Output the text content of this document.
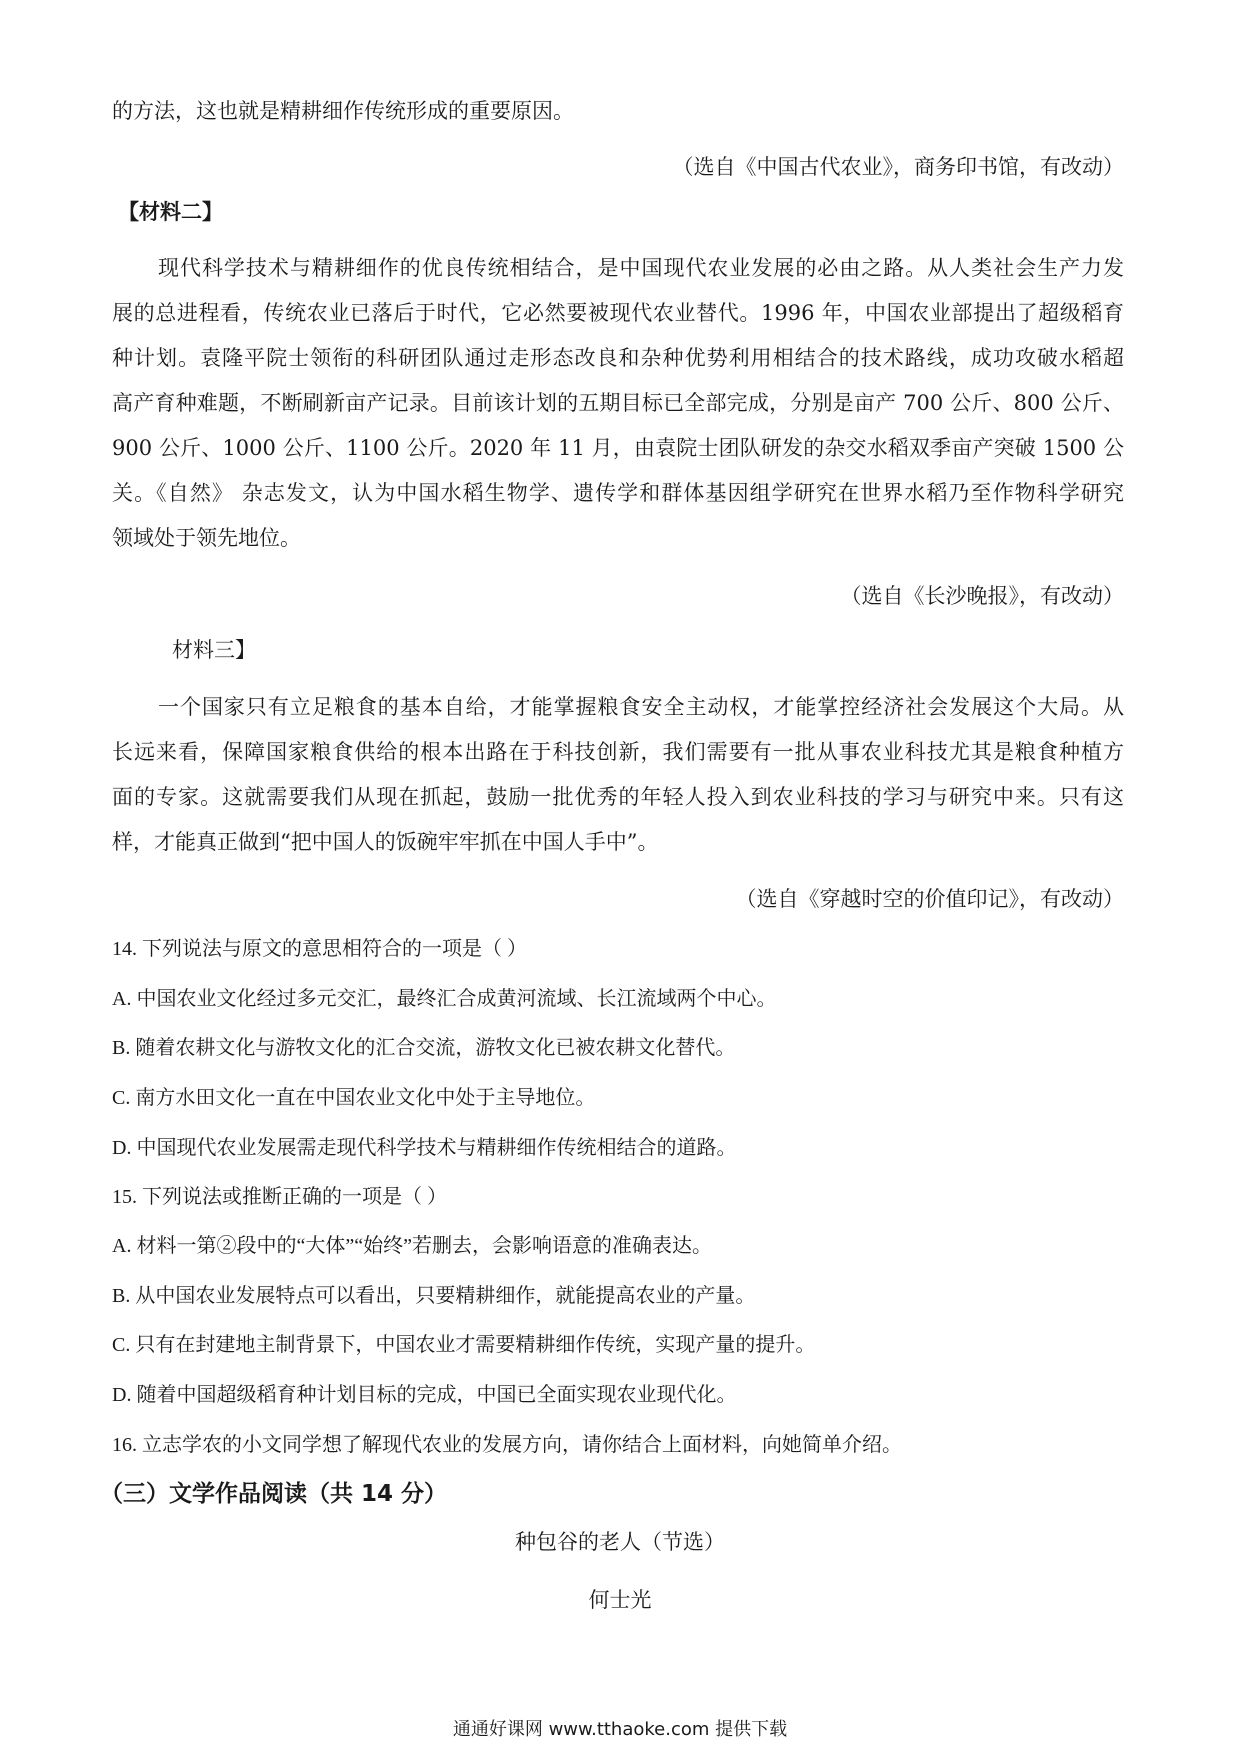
的方法，这也就是精耕细作传统形成的重要原因。
（选自《中国古代农业》，商务印书馆，有改动）
【材料二】
现代科学技术与精耕细作的优良传统相结合，是中国现代农业发展的必由之路。从人类社会生产力发
展的总进程看，传统农业已落后于时代，它必然要被现代农业替代。1996 年，中国农业部提出了超级稻育
种计划。袁隆平院士领衔的科研团队通过走形态改良和杂种优势利用相结合的技术路线，成功攻破水稻超
高产育种难题，不断刷新亩产记录。目前该计划的五期目标已全部完成，分别是亩产 700 公斤、800 公斤、
900 公斤、1000 公斤、1100 公斤。2020 年 11 月，由袁院士团队研发的杂交水稻双季亩产突破 1500 公
关。《自然》 杂志发文，认为中国水稻生物学、遗传学和群体基因组学研究在世界水稻乃至作物科学研究
领域处于领先地位。
（选自《长沙晚报》，有改动）
材料三】
一个国家只有立足粮食的基本自给，才能掌握粮食安全主动权，才能掌控经济社会发展这个大局。从
长远来看，保障国家粮食供给的根本出路在于科技创新，我们需要有一批从事农业科技尤其是粮食种植方
面的专家。这就需要我们从现在抓起，鼓励一批优秀的年轻人投入到农业科技的学习与研究中来。只有这
样，才能真正做到“把中国人的饭碗牢牢抓在中国人手中”。
（选自《穿越时空的价值印记》，有改动）
14. 下列说法与原文的意思相符合的一项是（ ）
A. 中国农业文化经过多元交汇，最终汇合成黄河流域、长江流域两个中心。
B. 随着农耕文化与游牧文化的汇合交流，游牧文化已被农耕文化替代。
C. 南方水田文化一直在中国农业文化中处于主导地位。
D. 中国现代农业发展需走现代科学技术与精耕细作传统相结合的道路。
15. 下列说法或推断正确的一项是（ ）
A. 材料一第②段中的“大体”“始终”若删去，会影响语意的准确表达。
B. 从中国农业发展特点可以看出，只要精耕细作，就能提高农业的产量。
C. 只有在封建地主制背景下，中国农业才需要精耕细作传统，实现产量的提升。
D. 随着中国超级稻育种计划目标的完成，中国已全面实现农业现代化。
16. 立志学农的小文同学想了解现代农业的发展方向，请你结合上面材料，向她简单介绍。
（三）文学作品阅读（共 14 分）
种包谷的老人（节选）
何士光
通通好课网 www.tthaoke.com 提供下载
